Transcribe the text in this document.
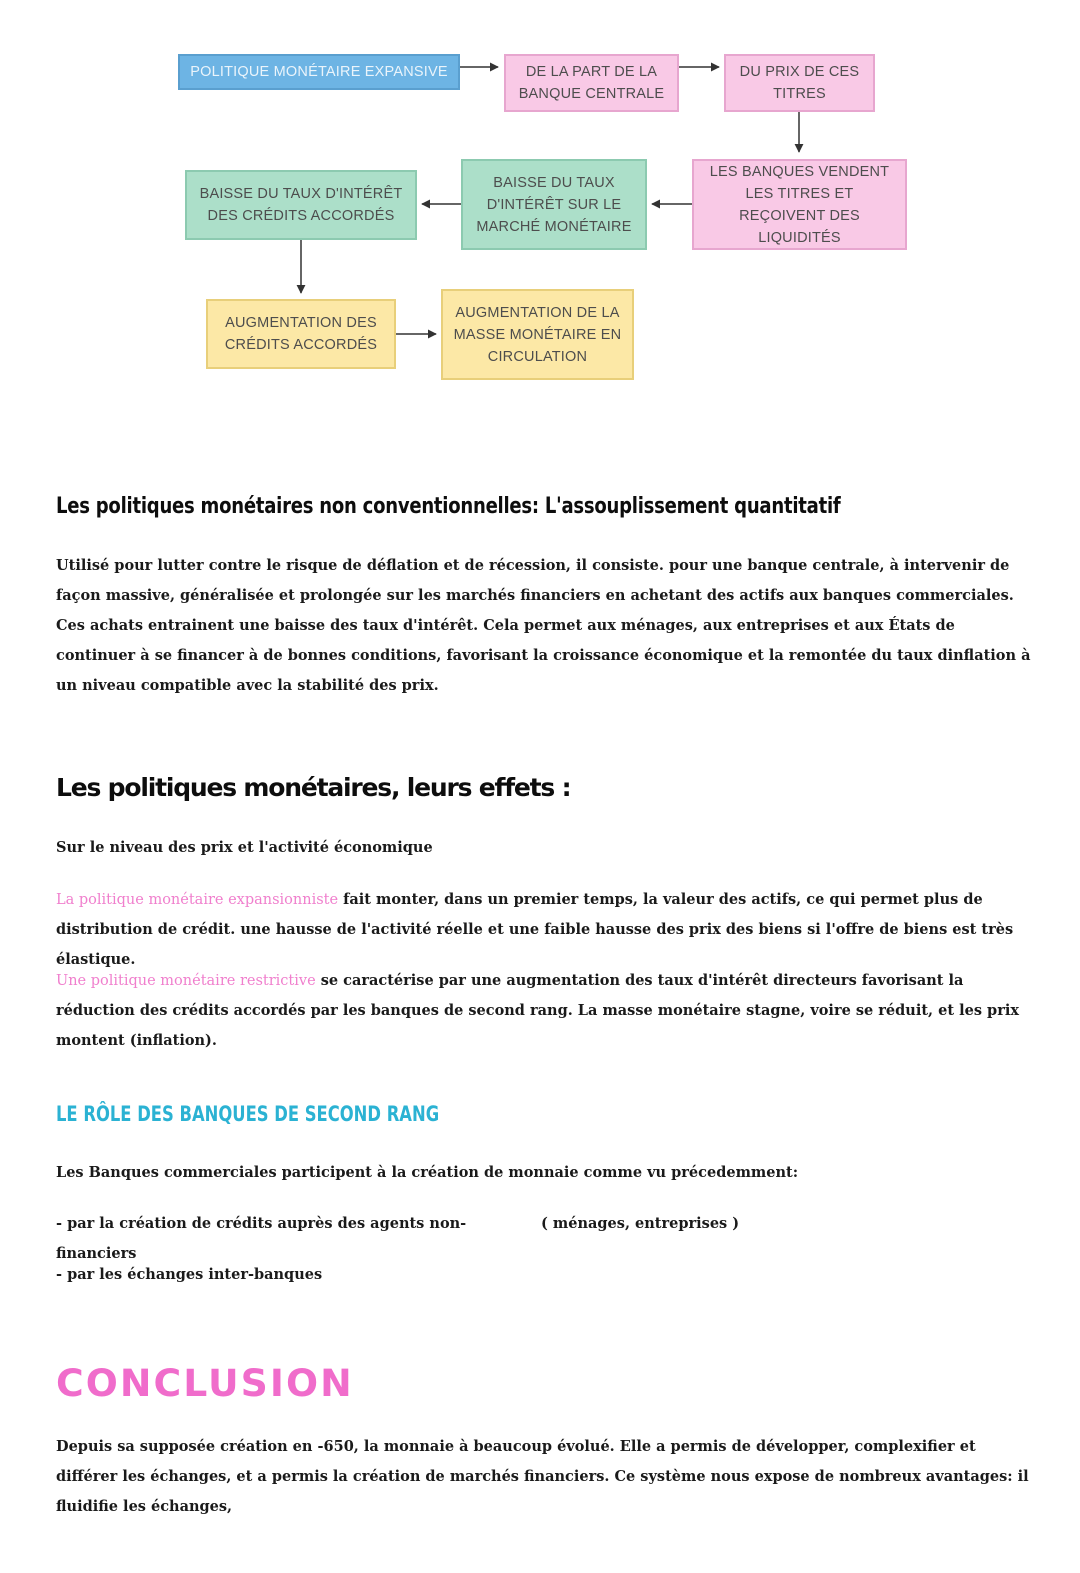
POLITIQUE MONÉTAIRE EXPANSIVE	DE LA PART DE LA BANQUE CENTRALE
DU PRIX DE CES TITRES
LES BANQUES VENDENT LES TITRES ET REÇOIVENT DES LIQUIDITÉS
BAISSE DU TAUX D'INTÉRÊT SUR LE MARCHÉ MONÉTAIRE
BAISSE DU TAUX D'INTÉRÊT DES CRÉDITS ACCORDÉS
AUGMENTATION DES CRÉDITS ACCORDÉS
AUGMENTATION DE LA MASSE MONÉTAIRE EN CIRCULATION
Les politiques monétaires non conventionnelles: L'assouplissement quantitatif

Utilisé pour lutter contre le risque de déflation et de récession, il consiste. pour une banque centrale, à intervenir de façon massive, généralisée et prolongée sur les marchés financiers en achetant des actifs aux banques commerciales. Ces achats entrainent une baisse des taux d'intérêt. Cela permet aux ménages, aux entreprises et aux États de continuer à se financer à de bonnes conditions, favorisant la croissance économique et la remontée du taux dinflation à un niveau compatible avec la stabilité des prix.

Les politiques monétaires, leurs effets :

Sur le niveau des prix et l'activité économique

La politique monétaire expansionniste fait monter, dans un premier temps, la valeur des actifs, ce qui permet plus de distribution de crédit. une hausse de l'activité réelle et une faible hausse des prix des biens si l'offre de biens est très élastique.

Une politique monétaire restrictive se caractérise par une augmentation des taux d'intérêt directeurs favorisant la réduction des crédits accordés par les banques de second rang. La masse monétaire stagne, voire se réduit, et les prix montent (inflation).

LE RÔLE DES BANQUES DE SECOND RANG

Les Banques commerciales participent à la création de monnaie comme vu précedemment:

- par la création de crédits auprès des agents non-financiers

( ménages, entreprises )

- par les échanges inter-banques

CONCLUSION

Depuis sa supposée création en -650, la monnaie à beaucoup évolué. Elle a permis de développer, complexifier et différer les échanges, et a permis la création de marchés financiers. Ce système nous expose de nombreux avantages: il fluidifie les échanges,
